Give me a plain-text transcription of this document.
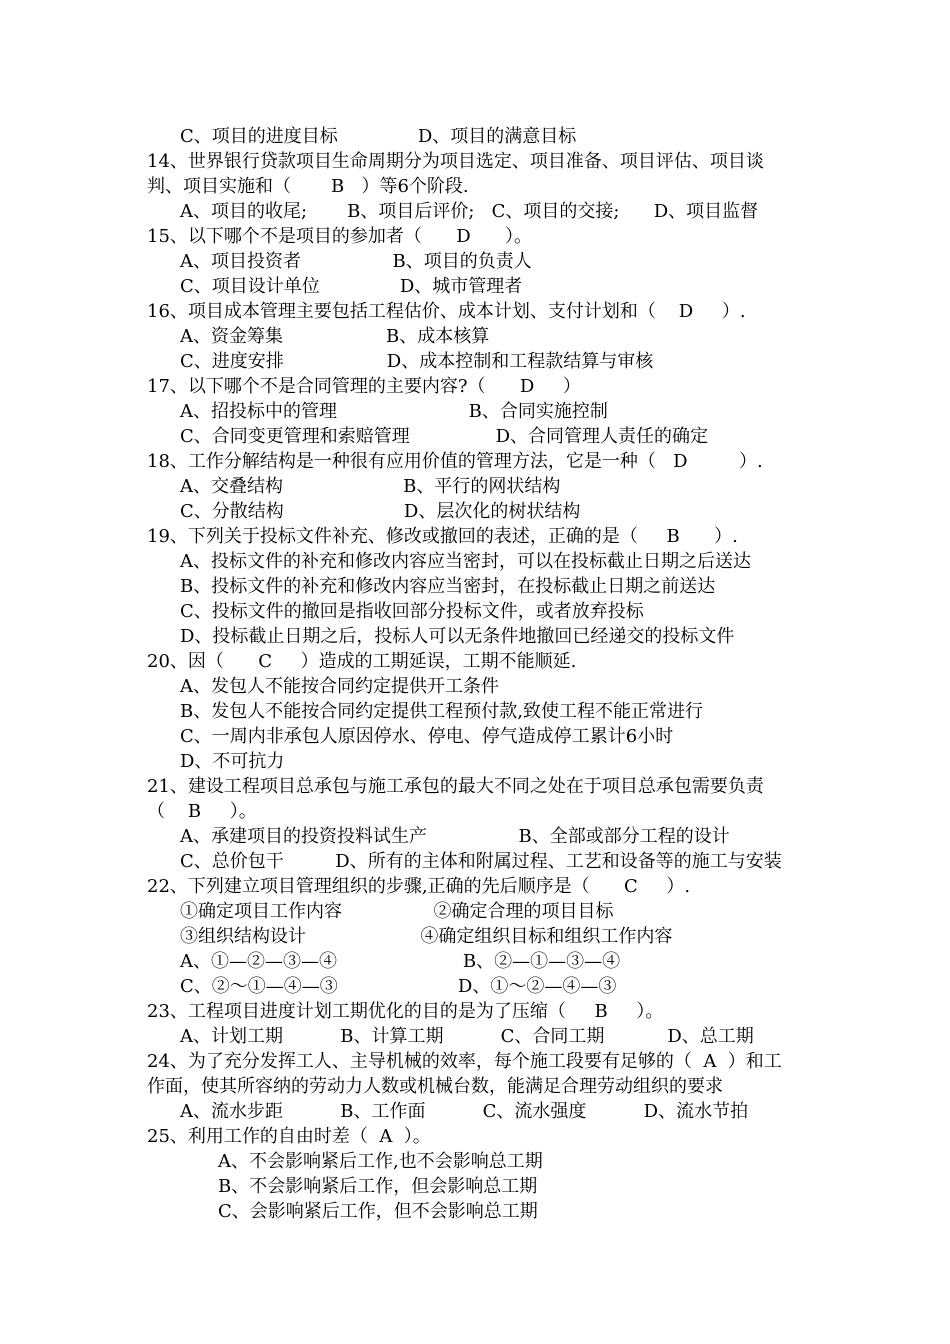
C、项目的进度目标              D、项目的满意目标
14、世界银行贷款项目生命周期分为项目选定、项目准备、项目评估、项目谈
判、项目实施和（       B   ）等6个阶段.
A、项目的收尾;       B、项目后评价;   C、项目的交接;      D、项目监督
15、以下哪个不是项目的参加者（      D      ）。
A、项目投资者                B、项目的负责人
C、项目设计单位              D、城市管理者
16、项目成本管理主要包括工程估价、成本计划、支付计划和（    D     ）.
A、资金筹集                  B、成本核算
C、进度安排                  D、成本控制和工程款结算与审核
17、以下哪个不是合同管理的主要内容?（      D     ）
A、招投标中的管理                       B、合同实施控制
C、合同变更管理和索赔管理               D、合同管理人责任的确定
18、工作分解结构是一种很有应用价值的管理方法，它是一种（   D         ）.
A、交叠结构                     B、平行的网状结构
C、分散结构                     D、层次化的树状结构
19、下列关于投标文件补充、修改或撤回的表述，正确的是（     B      ）.
A、投标文件的补充和修改内容应当密封，可以在投标截止日期之后送达
B、投标文件的补充和修改内容应当密封，在投标截止日期之前送达
C、投标文件的撤回是指收回部分投标文件，或者放弃投标
D、投标截止日期之后，投标人可以无条件地撤回已经递交的投标文件
20、因（      C     ）造成的工期延误，工期不能顺延.
A、发包人不能按合同约定提供开工条件
B、发包人不能按合同约定提供工程预付款,致使工程不能正常进行
C、一周内非承包人原因停水、停电、停气造成停工累计6小时
D、不可抗力
21、建设工程项目总承包与施工承包的最大不同之处在于项目总承包需要负责
（    B     ）。
A、承建项目的投资投料试生产                B、全部或部分工程的设计
C、总价包干         D、所有的主体和附属过程、工艺和设备等的施工与安装
22、下列建立项目管理组织的步骤,正确的先后顺序是（      C     ）.
①确定项目工作内容                ②确定合理的项目目标
③组织结构设计                    ④确定组织目标和组织工作内容
A、①—②—③—④                      B、②—①—③—④
C、②～①—④—③                     D、①～②—④—③
23、工程项目进度计划工期优化的目的是为了压缩（     B     ）。
A、计划工期          B、计算工期          C、合同工期           D、总工期
24、为了充分发挥工人、主导机械的效率，每个施工段要有足够的（  A  ）和工
作面，使其所容纳的劳动力人数或机械台数，能满足合理劳动组织的要求
A、流水步距          B、工作面          C、流水强度          D、流水节拍
25、利用工作的自由时差（  A  ）。
A、不会影响紧后工作,也不会影响总工期
B、不会影响紧后工作，但会影响总工期
C、会影响紧后工作，但不会影响总工期
